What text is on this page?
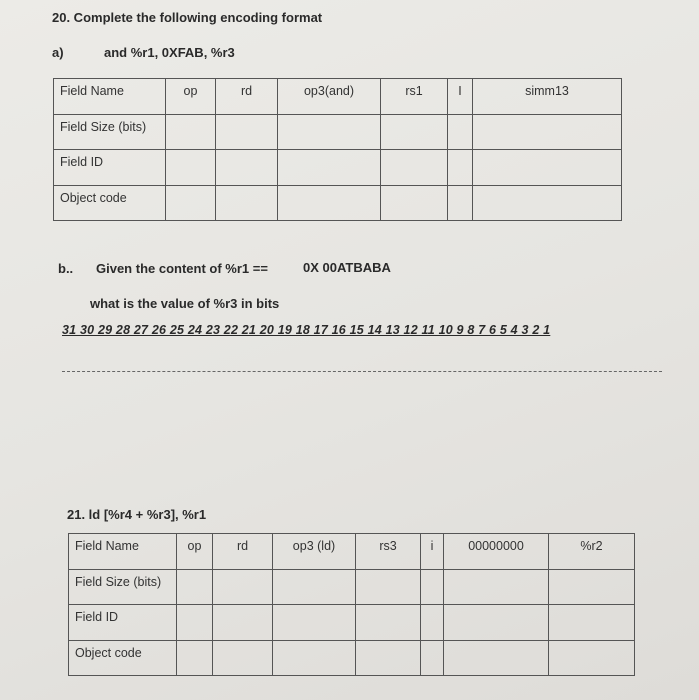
20. Complete the following encoding format
a)	and %r1, 0XFAB, %r3
Field Name	op	rd	op3(and)	rs1	I	simm13
Field Size (bits)						
Field ID						
Object code						
b.. Given the content of %r1 ==	0X 00ATBABA
what is the value of %r3 in bits
31 30 29 28 27 26 25 24 23 22 21 20 19 18 17 16 15 14 13 12 11 10 9 8 7 6 5 4 3 2 1
21. ld [%r4 + %r3], %r1
Field Name	op	rd	op3 (ld)	rs3	i	00000000	%r2
Field Size (bits)							
Field ID							
Object code							
